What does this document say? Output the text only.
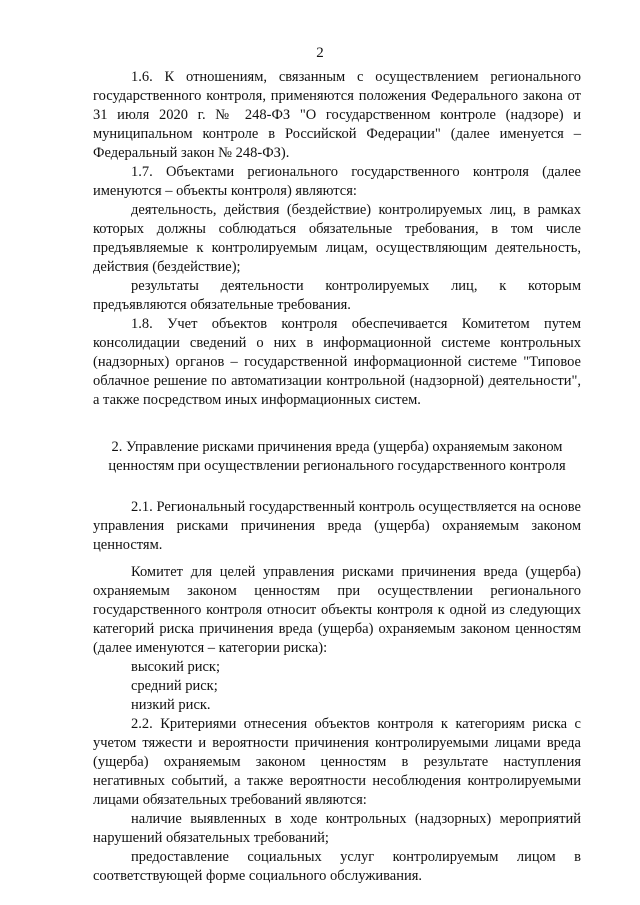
2

1.6. К отношениям, связанным с осуществлением регионального государственного контроля, применяются положения Федерального закона от 31 июля 2020 г. № 248-ФЗ "О государственном контроле (надзоре) и муниципальном контроле в Российской Федерации" (далее именуется – Федеральный закон № 248-ФЗ).

1.7. Объектами регионального государственного контроля (далее именуются – объекты контроля) являются:

деятельность, действия (бездействие) контролируемых лиц, в рамках которых должны соблюдаться обязательные требования, в том числе предъявляемые к контролируемым лицам, осуществляющим деятельность, действия (бездействие);

результаты деятельности контролируемых лиц, к которым предъявляются обязательные требования.

1.8. Учет объектов контроля обеспечивается Комитетом путем консолидации сведений о них в информационной системе контрольных (надзорных) органов – государственной информационной системе "Типовое облачное решение по автоматизации контрольной (надзорной) деятельности", а также посредством иных информационных систем.

2. Управление рисками причинения вреда (ущерба) охраняемым законом ценностям при осуществлении регионального государственного контроля

2.1. Региональный государственный контроль осуществляется на основе управления рисками причинения вреда (ущерба) охраняемым законом ценностям.

Комитет для целей управления рисками причинения вреда (ущерба) охраняемым законом ценностям при осуществлении регионального государственного контроля относит объекты контроля к одной из следующих категорий риска причинения вреда (ущерба) охраняемым законом ценностям (далее именуются – категории риска):

высокий риск;

средний риск;

низкий риск.

2.2. Критериями отнесения объектов контроля к категориям риска с учетом тяжести и вероятности причинения контролируемыми лицами вреда (ущерба) охраняемым законом ценностям в результате наступления негативных событий, а также вероятности несоблюдения контролируемыми лицами обязательных требований являются:

наличие выявленных в ходе контрольных (надзорных) мероприятий нарушений обязательных требований;

предоставление социальных услуг контролируемым лицом в соответствующей форме социального обслуживания.
